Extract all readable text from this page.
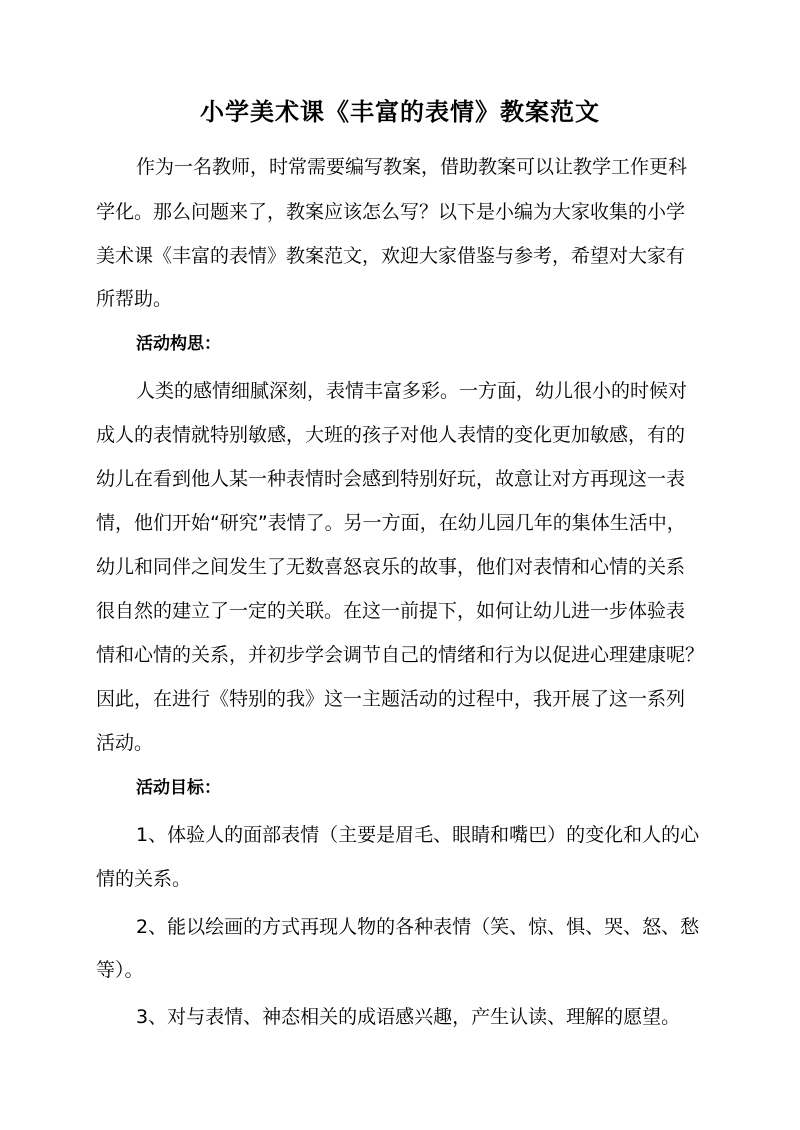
小学美术课《丰富的表情》教案范文
作为一名教师，时常需要编写教案，借助教案可以让教学工作更科
学化。那么问题来了，教案应该怎么写？以下是小编为大家收集的小学
美术课《丰富的表情》教案范文，欢迎大家借鉴与参考，希望对大家有
所帮助。
活动构思：
人类的感情细腻深刻，表情丰富多彩。一方面，幼儿很小的时候对
成人的表情就特别敏感，大班的孩子对他人表情的变化更加敏感，有的
幼儿在看到他人某一种表情时会感到特别好玩，故意让对方再现这一表
情，他们开始“研究”表情了。另一方面，在幼儿园几年的集体生活中，
幼儿和同伴之间发生了无数喜怒哀乐的故事，他们对表情和心情的关系
很自然的建立了一定的关联。在这一前提下，如何让幼儿进一步体验表
情和心情的关系，并初步学会调节自己的情绪和行为以促进心理建康呢？
因此，在进行《特别的我》这一主题活动的过程中，我开展了这一系列
活动。
活动目标：
1、体验人的面部表情（主要是眉毛、眼睛和嘴巴）的变化和人的心
情的关系。
2、能以绘画的方式再现人物的各种表情（笑、惊、惧、哭、怒、愁
等）。
3、对与表情、神态相关的成语感兴趣，产生认读、理解的愿望。
